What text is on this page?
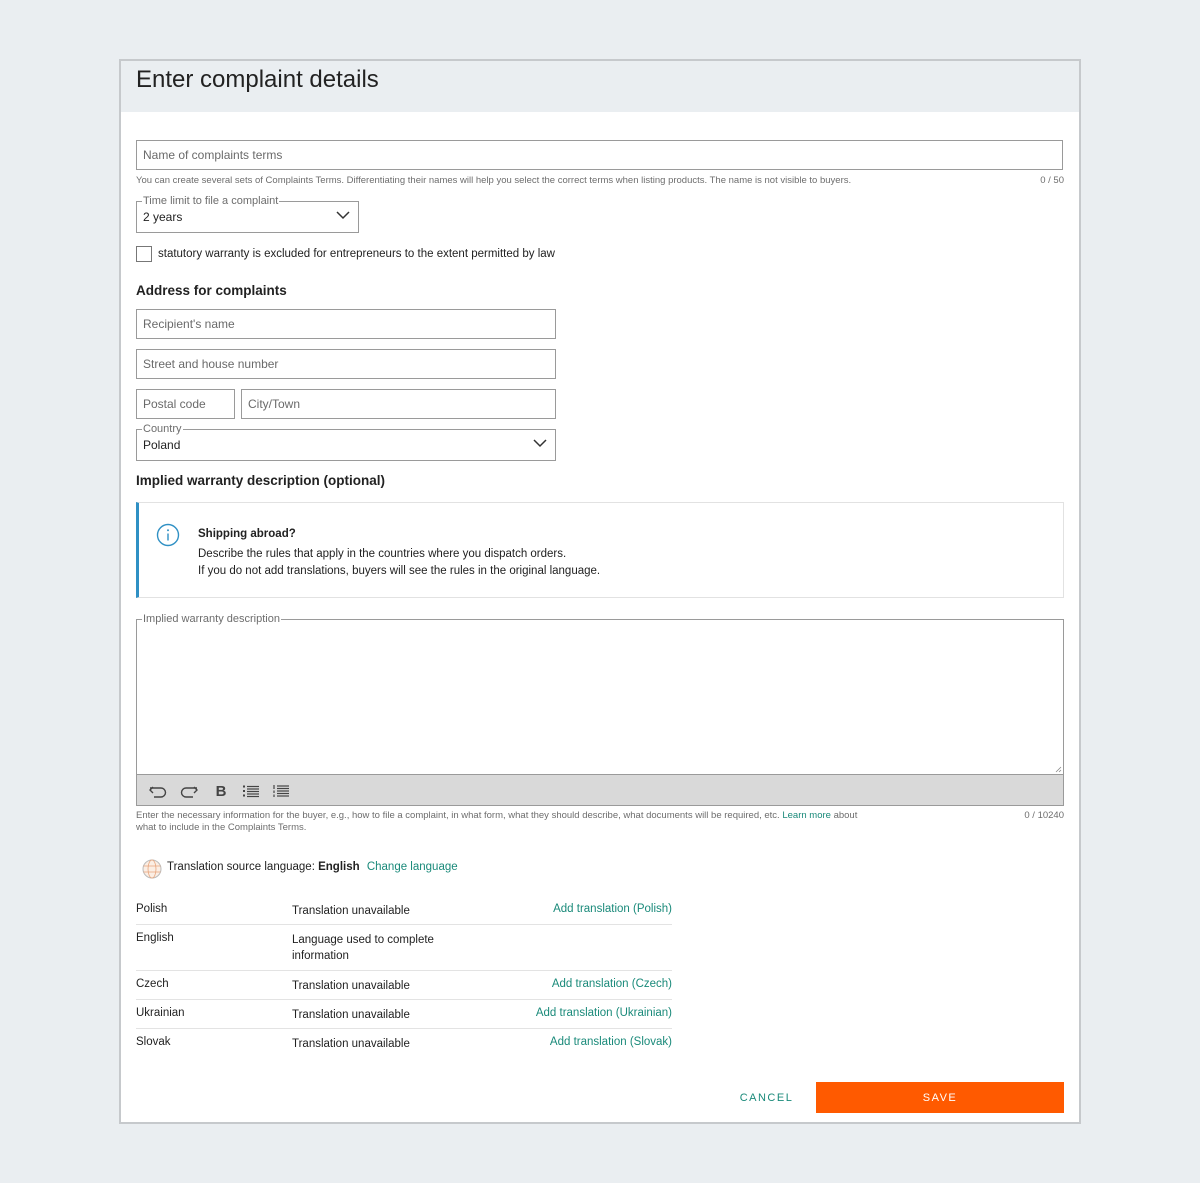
Enter complaint details
Name of complaints terms
You can create several sets of Complaints Terms. Differentiating their names will help you select the correct terms when listing products. The name is not visible to buyers.	0 / 50
2 years
Time limit to file a complaint
statutory warranty is excluded for entrepreneurs to the extent permitted by law
Address for complaints
Recipient's name
Street and house number
Postal code	City/Town
Poland
Country
Implied warranty description (optional)
Shipping abroad?
Describe the rules that apply in the countries where you dispatch orders.
If you do not add translations, buyers will see the rules in the original language.
B
Implied warranty description
Enter the necessary information for the buyer, e.g., how to file a complaint, in what form, what they should describe, what documents will be required, etc. Learn more about
what to include in the Complaints Terms.
0 / 10240
Translation source language: English Change language
Polish	Translation unavailable	Add translation (Polish)
English	Language used to complete information
Czech	Translation unavailable	Add translation (Czech)
Ukrainian	Translation unavailable	Add translation (Ukrainian)
Slovak	Translation unavailable	Add translation (Slovak)
CANCEL	SAVE
